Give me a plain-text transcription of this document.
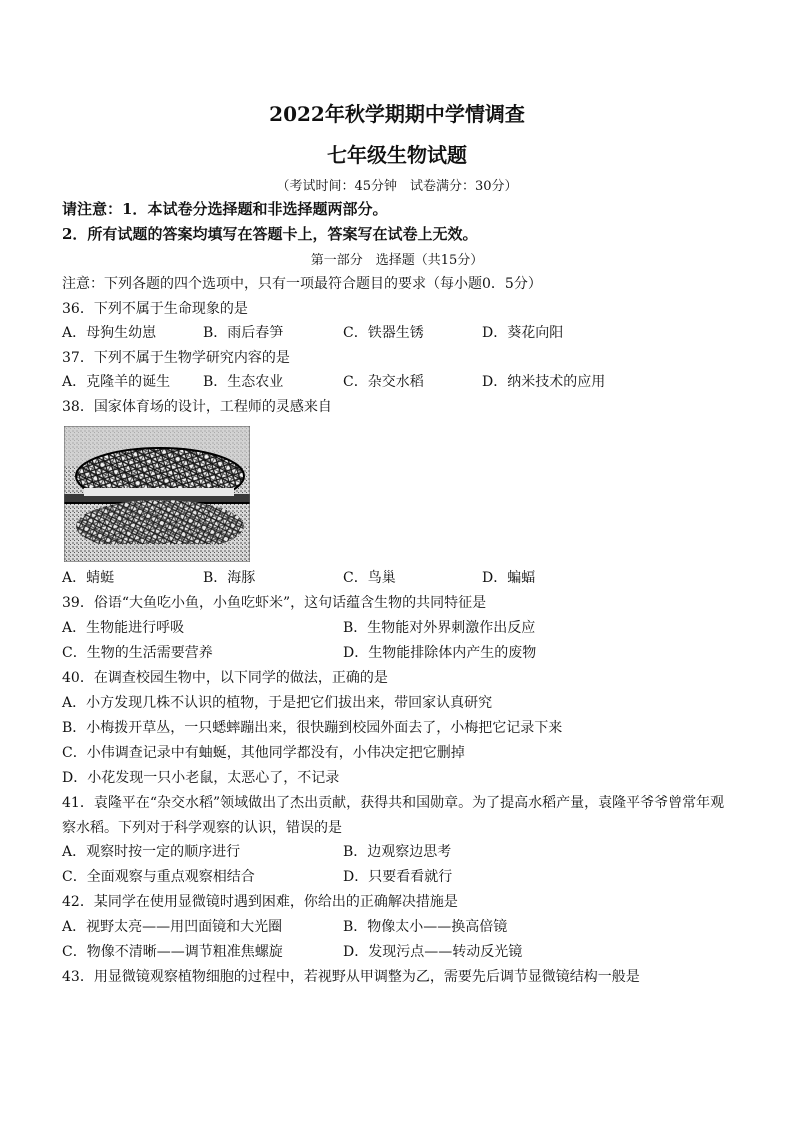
2022年秋学期期中学情调查
七年级生物试题
（考试时间：45分钟　试卷满分：30分）
请注意：1．本试卷分选择题和非选择题两部分。
2．所有试题的答案均填写在答题卡上，答案写在试卷上无效。
第一部分　选择题（共15分）
注意：下列各题的四个选项中，只有一项最符合题目的要求（每小题0．5分）
36．下列不属于生命现象的是
A．母狗生幼崽	B．雨后春笋	C．铁器生锈	D．葵花向阳
37．下列不属于生物学研究内容的是
A．克隆羊的诞生 B．生态农业	C．杂交水稻	D．纳米技术的应用
38．国家体育场的设计，工程师的灵感来自
A．蜻蜓	B．海豚	C．鸟巢	D．蝙蝠
39．俗语“大鱼吃小鱼，小鱼吃虾米”，这句话蕴含生物的共同特征是
A．生物能进行呼吸	B．生物能对外界刺激作出反应
C．生物的生活需要营养	D．生物能排除体内产生的废物
40．在调查校园生物中，以下同学的做法，正确的是
A．小方发现几株不认识的植物，于是把它们拔出来，带回家认真研究
B．小梅拨开草丛，一只蟋蟀蹦出来，很快蹦到校园外面去了，小梅把它记录下来
C．小伟调查记录中有蚰蜒，其他同学都没有，小伟决定把它删掉
D．小花发现一只小老鼠，太恶心了，不记录
41．袁隆平在“杂交水稻”领域做出了杰出贡献，获得共和国勋章。为了提高水稻产量，袁隆平爷爷曾常年观
察水稻。下列对于科学观察的认识，错误的是
A．观察时按一定的顺序进行	B．边观察边思考
C．全面观察与重点观察相结合	D．只要看看就行
42．某同学在使用显微镜时遇到困难，你给出的正确解决措施是
A．视野太亮——用凹面镜和大光圈	B．物像太小——换高倍镜
C．物像不清晰——调节粗准焦螺旋	D．发现污点——转动反光镜
43．用显微镜观察植物细胞的过程中，若视野从甲调整为乙，需要先后调节显微镜结构一般是
